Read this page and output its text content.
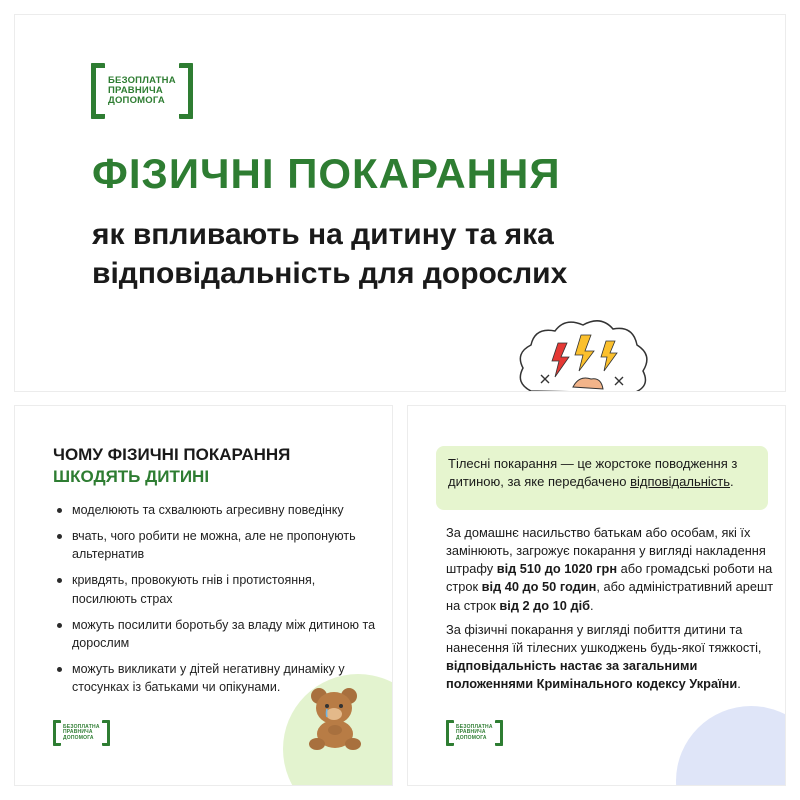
БЕЗОПЛАТНА
ПРАВНИЧА
ДОПОМОГА
ФІЗИЧНІ ПОКАРАННЯ
як впливають на дитину та яка
відповідальність для дорослих
ЧОМУ ФІЗИЧНІ ПОКАРАННЯ
ШКОДЯТЬ ДИТИНІ
моделюють та схвалюють агресивну поведінку
вчать, чого робити не можна, але не пропонують альтернатив
кривдять, провокують гнів і протистояння, посилюють страх
можуть посилити боротьбу за владу між дитиною та дорослим
можуть викликати у дітей негативну динаміку у стосунках із батьками чи опікунами.
БЕЗОПЛАТНА
ПРАВНИЧА
ДОПОМОГА
Тілесні покарання — це жорстоке поводження з дитиною, за яке передбачено відповідальність.

За домашнє насильство батькам або особам, які їх замінюють, загрожує покарання у вигляді накладення штрафу від 510 до 1020 грн або громадські роботи на строк від 40 до 50 годин, або адміністративний арешт на строк від 2 до 10 діб.

За фізичні покарання у вигляді побиття дитини та нанесення їй тілесних ушкоджень будь-якої тяжкості, відповідальність настає за загальними положеннями Кримінального кодексу України.

БЕЗОПЛАТНА
ПРАВНИЧА
ДОПОМОГА
